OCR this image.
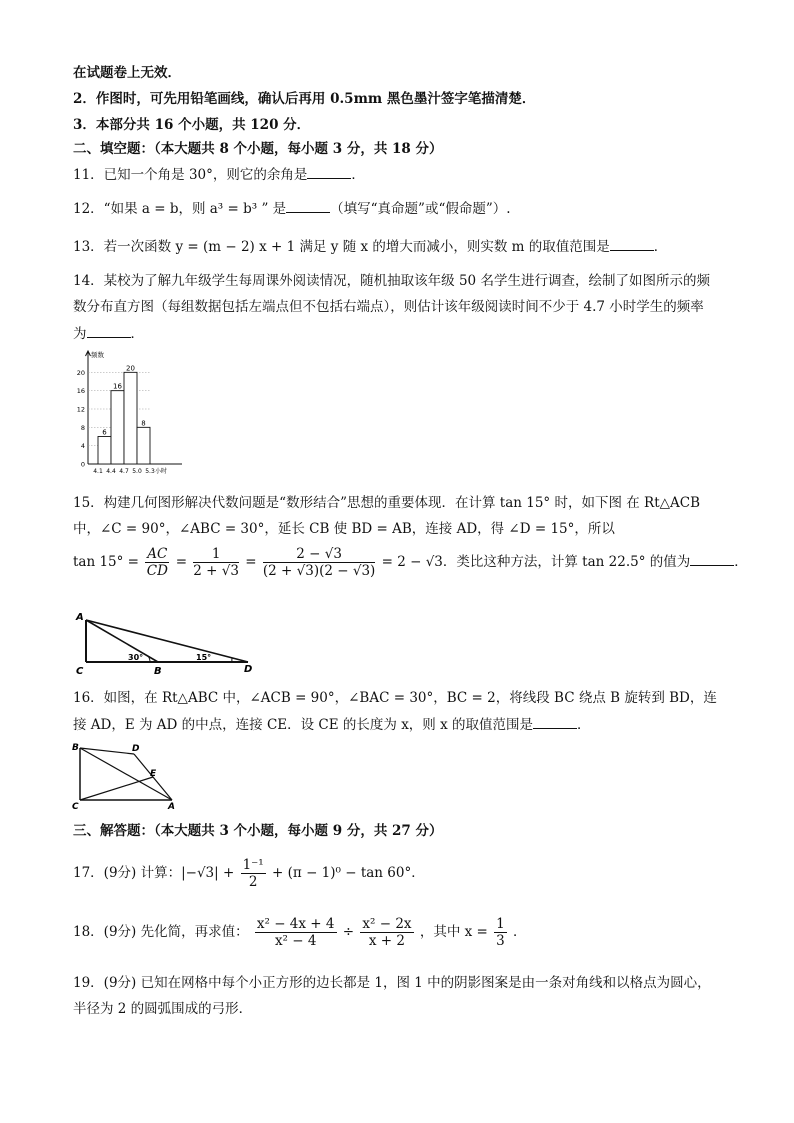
在试题卷上无效．
2．作图时，可先用铅笔画线，确认后再用 0.5mm 黑色墨汁签字笔描清楚．
3．本部分共 16 个小题，共 120 分．
二、填空题：（本大题共 8 个小题，每小题 3 分，共 18 分）
11．已知一个角是 30°，则它的余角是	．
12．“如果 a = b，则 a³ = b³ ” 是	（填写“真命题”或“假命题”）.
13．若一次函数 y = (m − 2) x + 1 满足 y 随 x 的增大而减小，则实数 m 的取值范围是	．
14．某校为了解九年级学生每周课外阅读情况，随机抽取该年级 50 名学生进行调查，绘制了如图所示的频
数分布直方图（每组数据包括左端点但不包括右端点），则估计该年级阅读时间不少于 4.7 小时学生的频率
为	．
0
4
8
12
16
20
6
16
20
8
4.1 4.4 4.7 5.0 5.3 小时
频数
15．构建几何图形解决代数问题是“数形结合”思想的重要体现．在计算 tan 15° 时，如下图 在 Rt△ACB
中，∠C = 90°，∠ABC = 30°，延长 CB 使 BD = AB，连接 AD，得 ∠D = 15°，所以
$\tan 15^\circ = \frac{AC}{CD} = \frac{1}{2 + √3} = \frac{2 - √3}{(2 + √3)(2 - √3)} = 2 - √3$．类比这种方法，计算 tan 22.5° 的值为	．
A
C	B	D
30°	15°
16．如图，在 Rt△ABC 中，∠ACB = 90°，∠BAC = 30°，BC = 2，将线段 BC 绕点 B 旋转到 BD，连
接 AD，E 为 AD 的中点，连接 CE．设 CE 的长度为 x，则 x 的取值范围是	．
B	D
E
C	A
三、解答题：（本大题共 3 个小题，每小题 9 分，共 27 分）
17．(9分) 计算：$|-√3| + \frac{\text{1⁻¹}}{2} + (\pi - 1)^0 - \tan 60^\circ$．
18．(9分) 先化简，再求值： $\frac{\text{x² − 4x + 4}}{\text{x² − 4}} \div \frac{\text{x² − 2x}}{x + 2}$ ，其中 $x = \frac{1}{3}$ ．
19．(9分) 已知在网格中每个小正方形的边长都是 1，图 1 中的阴影图案是由一条对角线和以格点为圆心，
半径为 2 的圆弧围成的弓形．
